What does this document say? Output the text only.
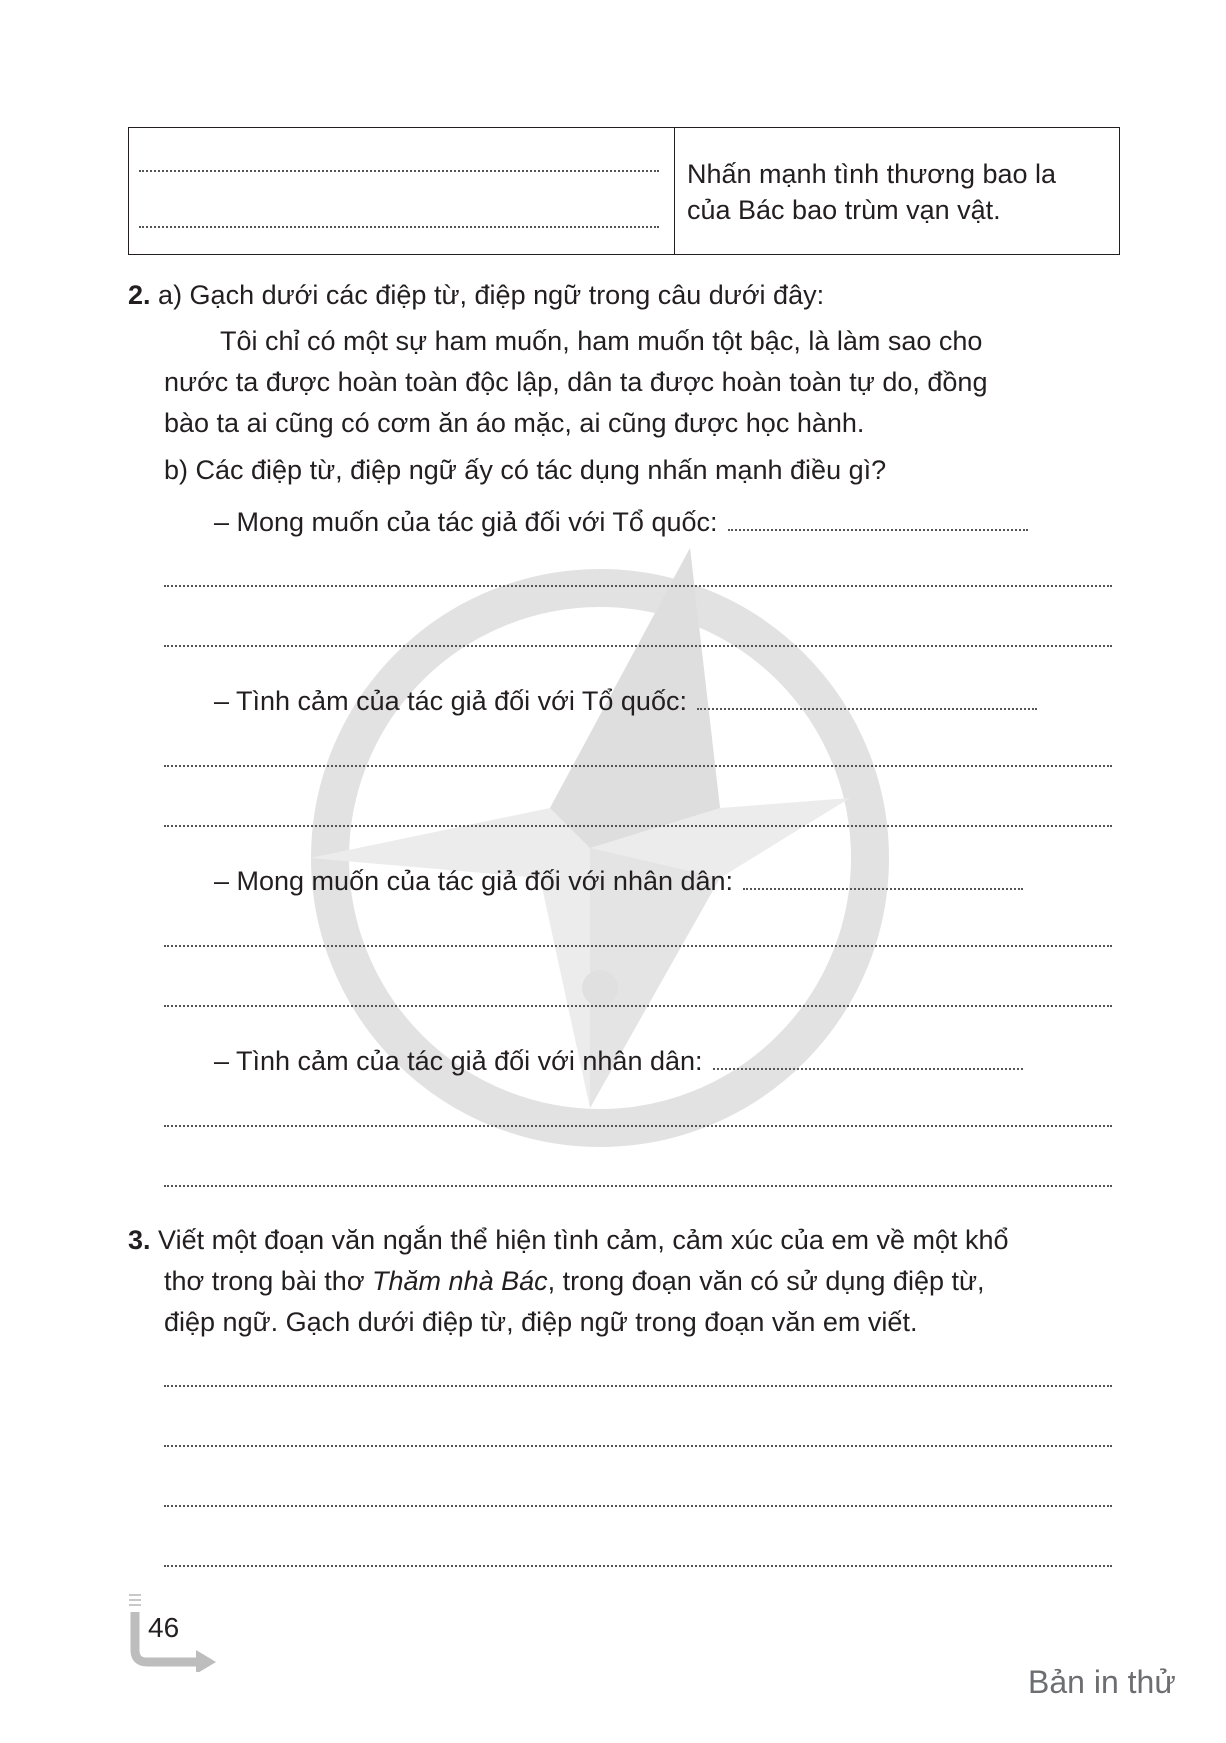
Nhấn mạnh tình thương bao la
của Bác bao trùm vạn vật.
2. a) Gạch dưới các điệp từ, điệp ngữ trong câu dưới đây:
Tôi chỉ có một sự ham muốn, ham muốn tột bậc, là làm sao cho
nước ta được hoàn toàn độc lập, dân ta được hoàn toàn tự do, đồng
bào ta ai cũng có cơm ăn áo mặc, ai cũng được học hành.
b) Các điệp từ, điệp ngữ ấy có tác dụng nhấn mạnh điều gì?
– Mong muốn của tác giả đối với Tổ quốc:
– Tình cảm của tác giả đối với Tổ quốc:
– Mong muốn của tác giả đối với nhân dân:
– Tình cảm của tác giả đối với nhân dân:
3. Viết một đoạn văn ngắn thể hiện tình cảm, cảm xúc của em về một khổ
thơ trong bài thơ Thăm nhà Bác, trong đoạn văn có sử dụng điệp từ,
điệp ngữ. Gạch dưới điệp từ, điệp ngữ trong đoạn văn em viết.
46
Bản in thử
